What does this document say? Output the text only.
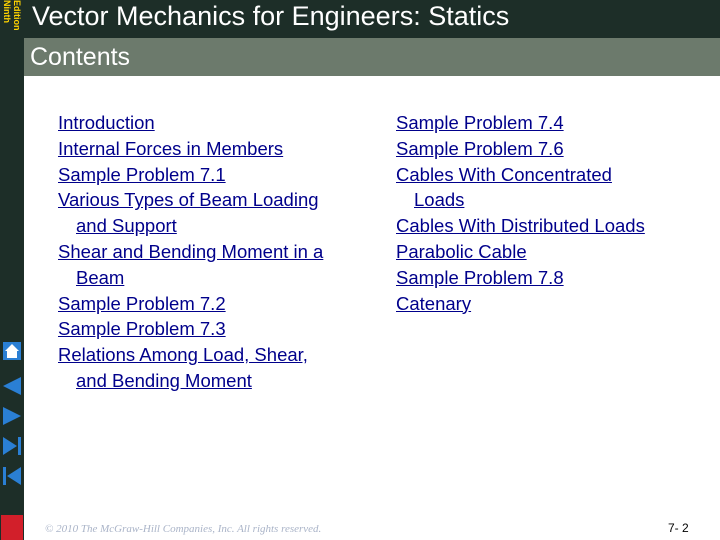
Ninth Edition Vector Mechanics for Engineers: Statics
Contents
Introduction
Internal Forces in Members
Sample Problem 7.1
Various Types of Beam Loading
and Support
Shear and Bending Moment in a
Beam
Sample Problem 7.2
Sample Problem 7.3
Relations Among Load, Shear,
and Bending Moment
Sample Problem 7.4
Sample Problem 7.6
Cables With Concentrated
Loads
Cables With Distributed Loads
Parabolic Cable
Sample Problem 7.8
Catenary
© 2010 The McGraw-Hill Companies, Inc. All rights reserved.	7- 2
